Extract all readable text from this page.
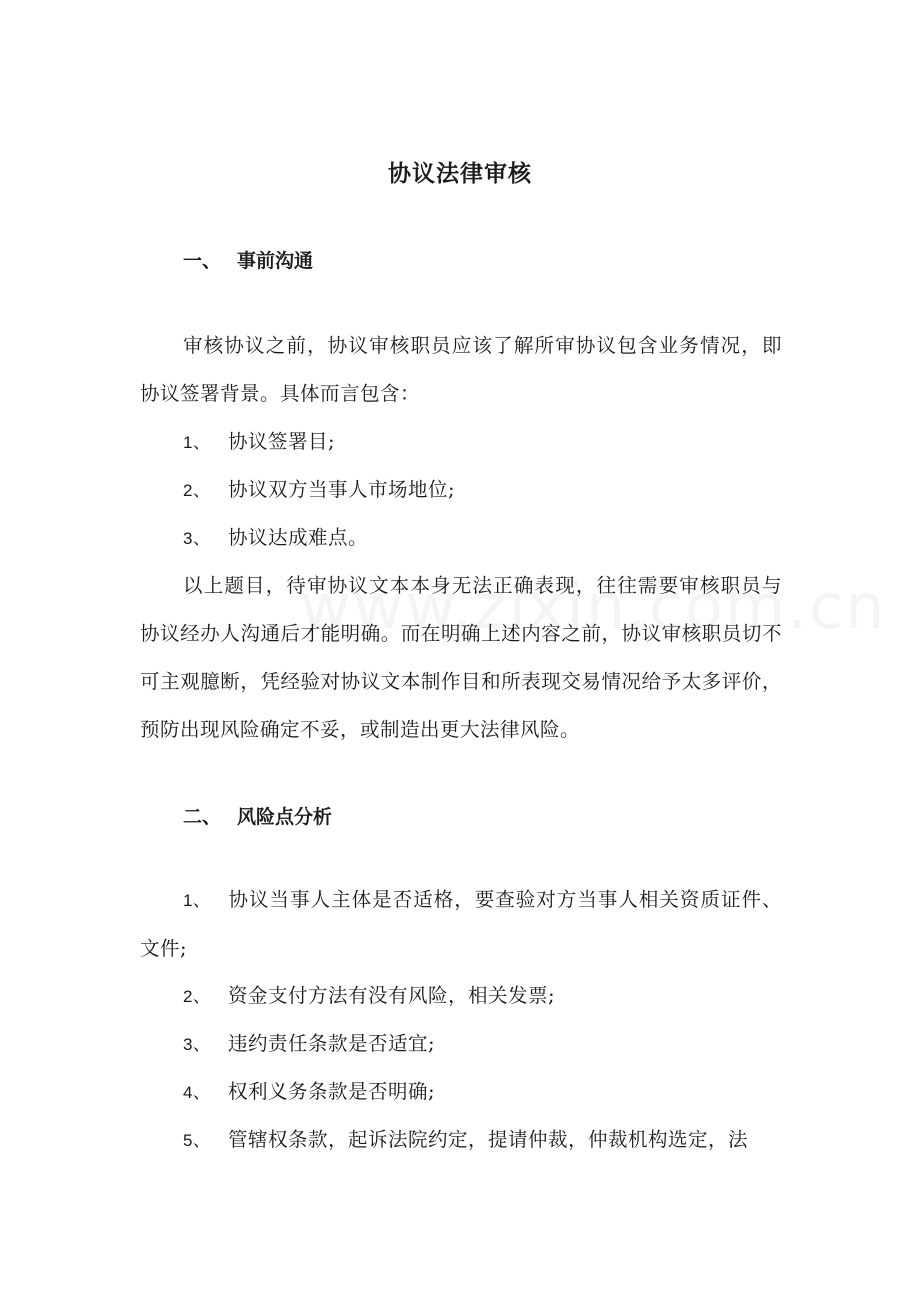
协议法律审核
一、 事前沟通
审核协议之前，协议审核职员应该了解所审协议包含业务情况，即协议签署背景。具体而言包含：
1、 协议签署目;
2、 协议双方当事人市场地位;
3、 协议达成难点。
以上题目，待审协议文本本身无法正确表现，往往需要审核职员与协议经办人沟通后才能明确。而在明确上述内容之前，协议审核职员切不可主观臆断，凭经验对协议文本制作目和所表现交易情况给予太多评价，预防出现风险确定不妥，或制造出更大法律风险。
二、 风险点分析
1、 协议当事人主体是否适格，要查验对方当事人相关资质证件、 文件;
2、 资金支付方法有没有风险，相关发票;
3、 违约责任条款是否适宜;
4、 权利义务条款是否明确;
5、 管辖权条款，起诉法院约定，提请仲裁，仲裁机构选定，法
